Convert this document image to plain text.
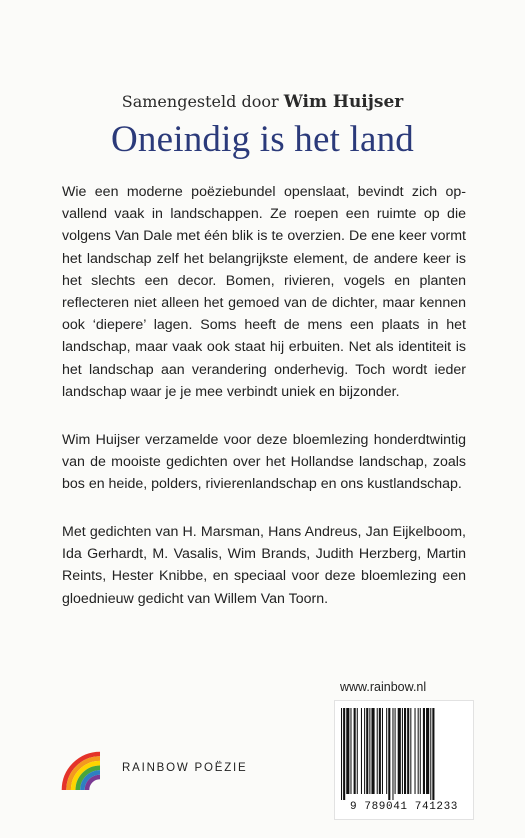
Samengesteld door Wim Huijser
Oneindig is het land

Wie een moderne poëziebundel openslaat, bevindt zich opvallend vaak in landschappen. Ze roepen een ruimte op die volgens Van Dale met één blik is te overzien. De ene keer vormt het landschap zelf het belangrijkste element, de andere keer is het slechts een decor. Bomen, rivieren, vogels en planten reflecteren niet alleen het gemoed van de dichter, maar kennen ook ‘diepere’ lagen. Soms heeft de mens een plaats in het landschap, maar vaak ook staat hij erbuiten. Net als identiteit is het landschap aan verandering onderhevig. Toch wordt ieder landschap waar je je mee verbindt uniek en bijzonder.

Wim Huijser verzamelde voor deze bloemlezing honderdtwintig van de mooiste gedichten over het Hollandse landschap, zoals bos en heide, polders, rivierenlandschap en ons kustlandschap.

Met gedichten van H. Marsman, Hans Andreus, Jan Eijkelboom, Ida Gerhardt, M. Vasalis, Wim Brands, Judith Herzberg, Martin Reints, Hester Knibbe, en speciaal voor deze bloemlezing een gloednieuw gedicht van Willem Van Toorn.

www.rainbow.nl
9 789041 741233
RAINBOW POËZIE
